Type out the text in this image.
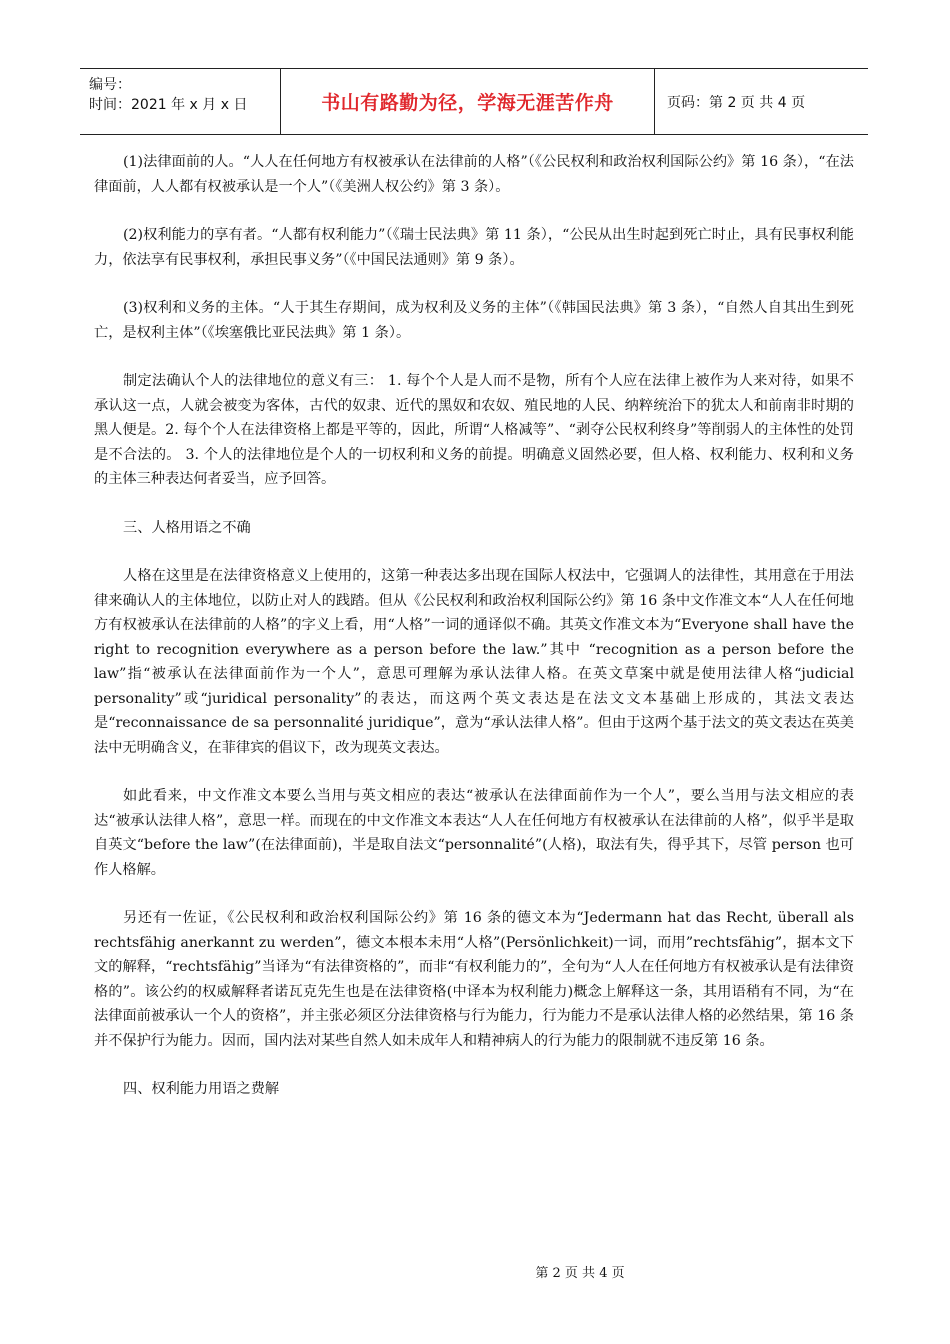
编号：
时间：2021 年 x 月 x 日	书山有路勤为径，学海无涯苦作舟	页码：第 2 页 共 4 页

(1)法律面前的人。“人人在任何地方有权被承认在法律前的人格”（《公民权利和政治权利国际公约》第 16 条），“在法律面前，人人都有权被承认是一个人”（《美洲人权公约》第 3 条）。

(2)权利能力的享有者。“人都有权利能力”（《瑞士民法典》第 11 条），“公民从出生时起到死亡时止，具有民事权利能力，依法享有民事权利，承担民事义务”（《中国民法通则》第 9 条）。

(3)权利和义务的主体。“人于其生存期间，成为权利及义务的主体”（《韩国民法典》第 3 条），“自然人自其出生到死亡，是权利主体”（《埃塞俄比亚民法典》第 1 条）。

制定法确认个人的法律地位的意义有三： 1. 每个个人是人而不是物，所有个人应在法律上被作为人来对待，如果不承认这一点，人就会被变为客体，古代的奴隶、近代的黑奴和农奴、殖民地的人民、纳粹统治下的犹太人和前南非时期的黑人便是。2. 每个个人在法律资格上都是平等的，因此，所谓“人格减等”、“剥夺公民权利终身”等削弱人的主体性的处罚是不合法的。 3. 个人的法律地位是个人的一切权利和义务的前提。明确意义固然必要，但人格、权利能力、权利和义务的主体三种表达何者妥当，应予回答。

三、人格用语之不确

人格在这里是在法律资格意义上使用的，这第一种表达多出现在国际人权法中，它强调人的法律性，其用意在于用法律来确认人的主体地位，以防止对人的践踏。但从《公民权利和政治权利国际公约》第 16 条中文作准文本“人人在任何地方有权被承认在法律前的人格”的字义上看，用“人格”一词的通译似不确。其英文作准文本为“Everyone shall have the right to recognition everywhere as a person before the law.”其中 “recognition as a person before the law”指“被承认在法律面前作为一个人”，意思可理解为承认法律人格。在英文草案中就是使用法律人格“judicial personality”或“juridical personality”的表达，而这两个英文表达是在法文文本基础上形成的，其法文表达是“reconnaissance de sa personnalité juridique”，意为“承认法律人格”。但由于这两个基于法文的英文表达在英美法中无明确含义，在菲律宾的倡议下，改为现英文表达。

如此看来，中文作准文本要么当用与英文相应的表达“被承认在法律面前作为一个人”，要么当用与法文相应的表达“被承认法律人格”，意思一样。而现在的中文作准文本表达“人人在任何地方有权被承认在法律前的人格”，似乎半是取自英文“before the law”(在法律面前)，半是取自法文“personnalité”(人格)，取法有失，得乎其下，尽管 person 也可作人格解。

另还有一佐证，《公民权利和政治权利国际公约》第 16 条的德文本为“Jedermann hat das Recht, überall als rechtsfähig anerkannt zu werden”，德文本根本未用“人格”(Persönlichkeit)一词，而用”rechtsfähig”，据本文下文的解释，“rechtsfähig”当译为“有法律资格的”，而非“有权利能力的”，全句为“人人在任何地方有权被承认是有法律资格的”。该公约的权威解释者诺瓦克先生也是在法律资格(中译本为权利能力)概念上解释这一条，其用语稍有不同，为“在法律面前被承认一个人的资格”，并主张必须区分法律资格与行为能力，行为能力不是承认法律人格的必然结果，第 16 条并不保护行为能力。因而，国内法对某些自然人如未成年人和精神病人的行为能力的限制就不违反第 16 条。

四、权利能力用语之费解

第 2 页 共 4 页
